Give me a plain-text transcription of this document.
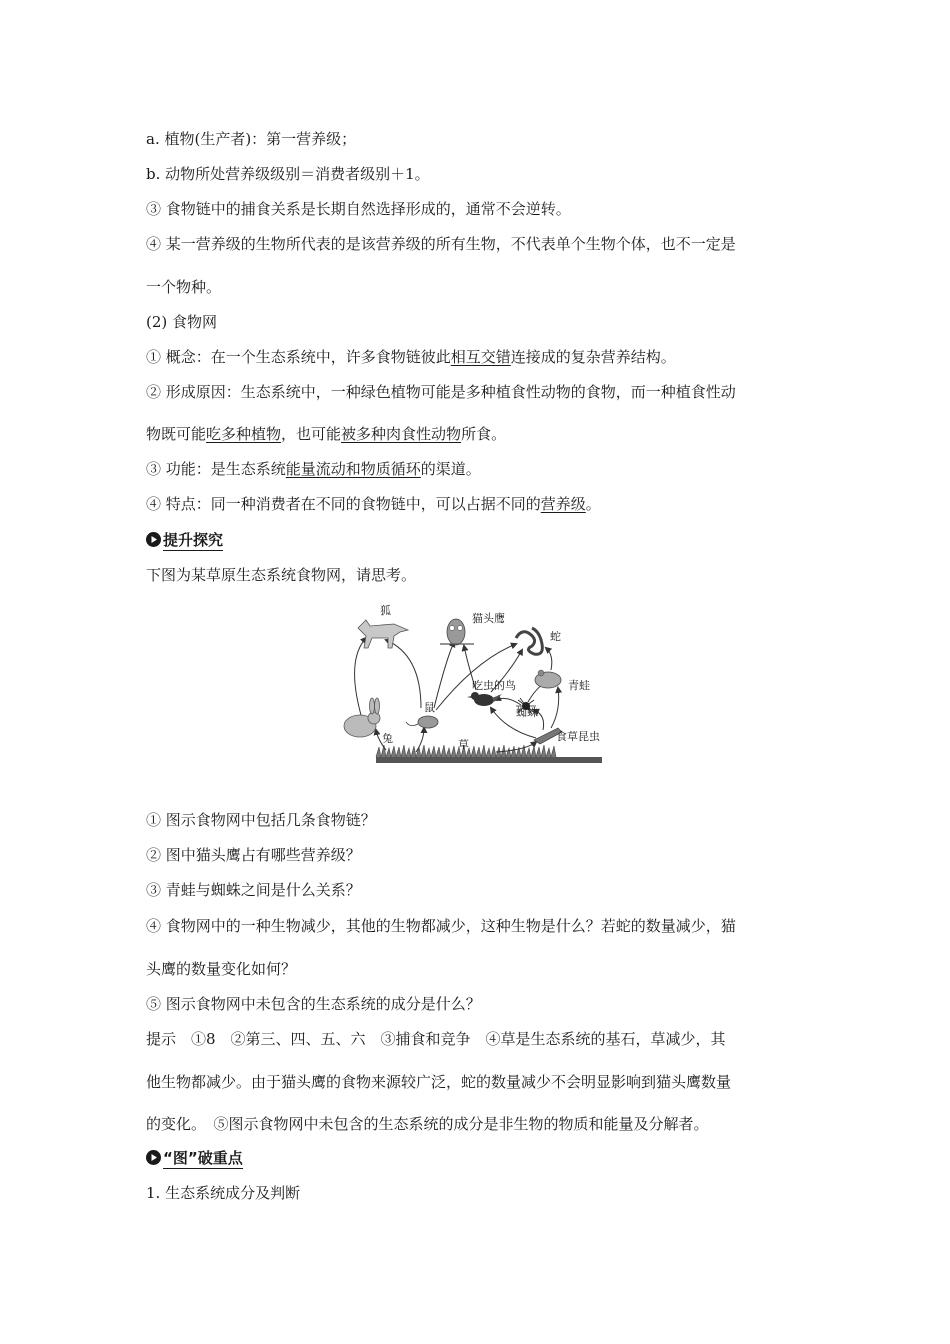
a. 植物(生产者)：第一营养级；
b. 动物所处营养级级别＝消费者级别＋1。
③ 食物链中的捕食关系是长期自然选择形成的，通常不会逆转。
④ 某一营养级的生物所代表的是该营养级的所有生物，不代表单个生物个体，也不一定是
一个物种。
(2) 食物网
① 概念：在一个生态系统中，许多食物链彼此相互交错连接成的复杂营养结构。
② 形成原因：生态系统中，一种绿色植物可能是多种植食性动物的食物，而一种植食性动
物既可能吃多种植物，也可能被多种肉食性动物所食。
③ 功能：是生态系统能量流动和物质循环的渠道。
④ 特点：同一种消费者在不同的食物链中，可以占据不同的营养级。
提升探究
下图为某草原生态系统食物网，请思考。
狐
猫头鹰
蛇
吃虫的鸟	青蛙
鼠	蜘蛛
兔	草
食草昆虫
① 图示食物网中包括几条食物链？
② 图中猫头鹰占有哪些营养级？
③ 青蛙与蜘蛛之间是什么关系？
④ 食物网中的一种生物减少，其他的生物都减少，这种生物是什么？若蛇的数量减少，猫
头鹰的数量变化如何？
⑤ 图示食物网中未包含的生态系统的成分是什么？
提示　①8　②第三、四、五、六　③捕食和竞争　④草是生态系统的基石，草减少，其
他生物都减少。由于猫头鹰的食物来源较广泛，蛇的数量减少不会明显影响到猫头鹰数量
的变化。　⑤图示食物网中未包含的生态系统的成分是非生物的物质和能量及分解者。
“图”破重点
1. 生态系统成分及判断
